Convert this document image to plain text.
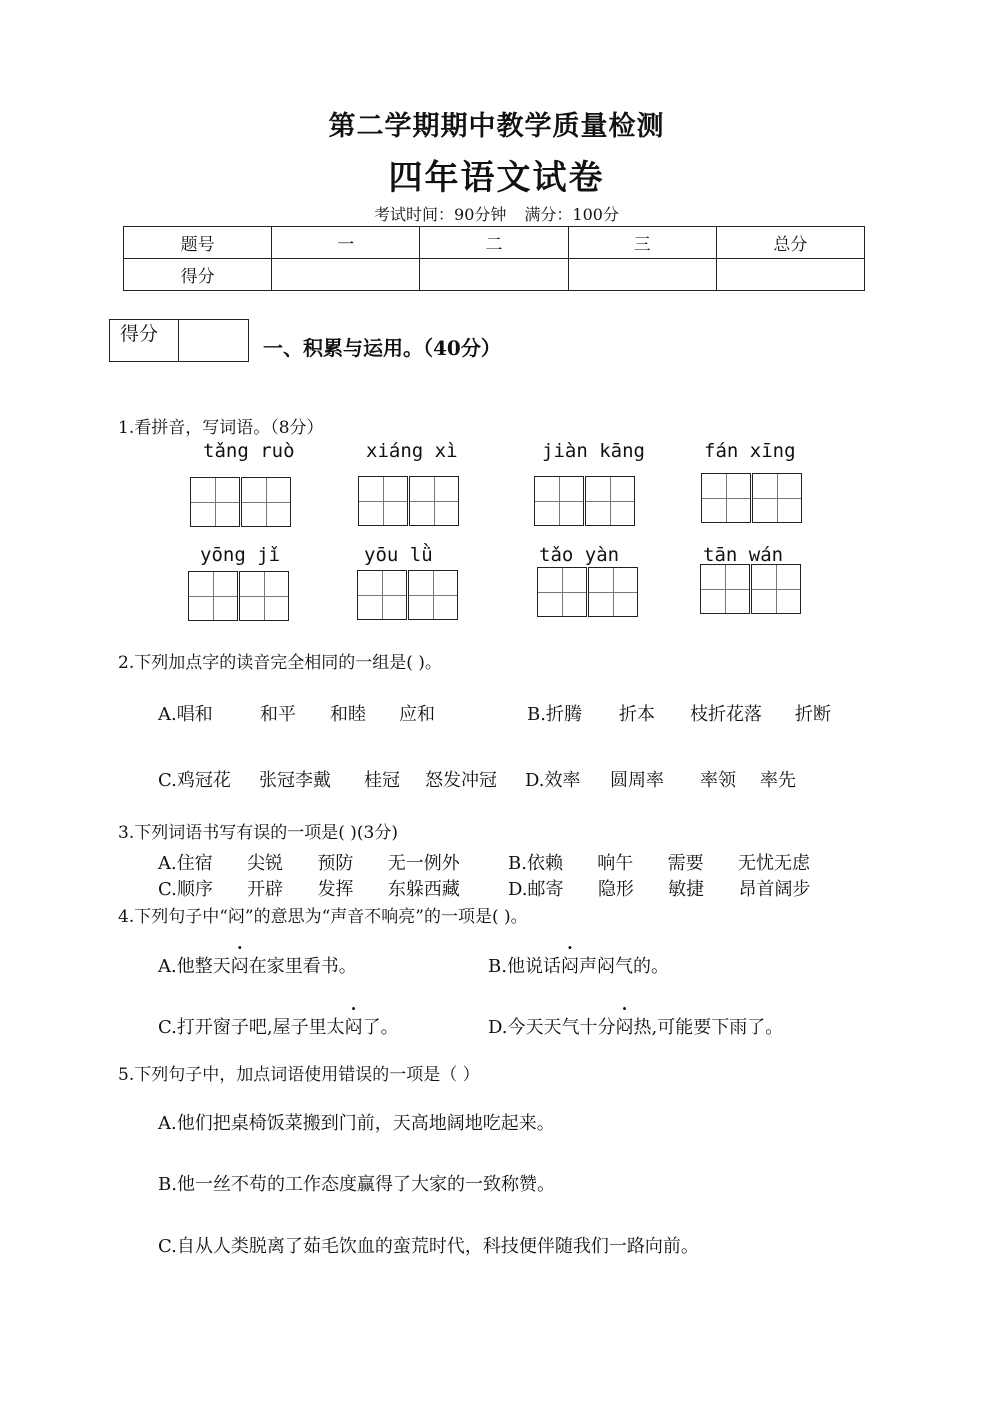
第二学期期中教学质量检测
四年语文试卷
考试时间：90分钟 满分：100分
题号	一	二	三	总分
得分				
得分
一、积累与运用。（40分）
1.看拼音，写词语。（8分）
tǎng ruò	xiáng xì	jiàn kāng	fán xīng
yōng jǐ	yōu lǜ	tǎo yàn	tān wán
2.下列加点字的读音完全相同的一组是( )。
A.唱和	和平 和睦 应和	B.折腾 折本 枝折花落 折断
C.鸡冠花 张冠李戴 桂冠 怒发冲冠 D.效率 圆周率 率领 率先
3.下列词语书写有误的一项是( )(3分)
A.住宿      尖锐      预防      无一例外	B.依赖      响午      需要      无忧无虑
C.顺序      开辟      发挥      东躲西藏	D.邮寄      隐形      敏捷      昂首阔步
4.下列句子中“闷”的意思为“声音不响亮”的一项是( )。
A.他整天闷在家里看书。	B.他说话闷声闷气的。
C.打开窗子吧,屋子里太闷了。	D.今天天气十分闷热,可能要下雨了。
5.下列句子中，加点词语使用错误的一项是（ ）
A.他们把桌椅饭菜搬到门前，天高地阔地吃起来。
B.他一丝不苟的工作态度赢得了大家的一致称赞。
C.自从人类脱离了茹毛饮血的蛮荒时代，科技便伴随我们一路向前。
